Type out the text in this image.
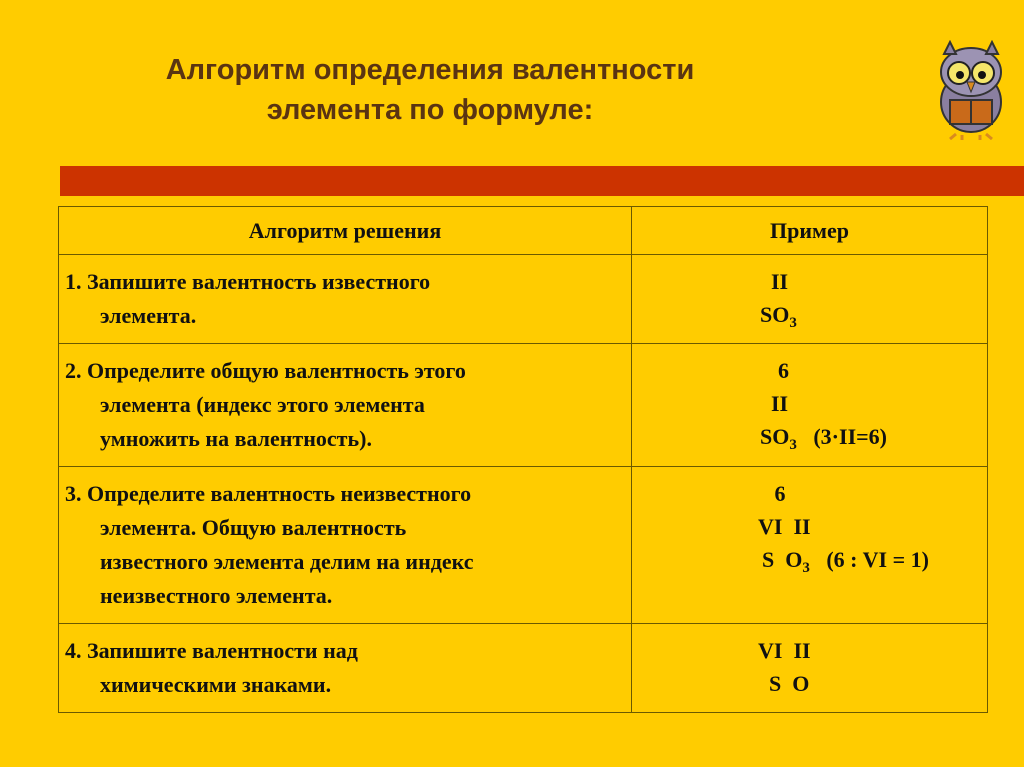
Алгоритм определения валентности
элемента по формуле:
Алгоритм решения	Пример
1. Запишите валентность известного
элемента.	II
$SO_3$

2. Определите общую валентность этого
элемента (индекс этого элемента
умножить на валентность).	6
II
$SO_3$   (3·II=6)

3. Определите валентность неизвестного
элемента. Общую валентность
известного элемента делим на индекс
неизвестного элемента.	6
VI  II
S  $O_3$   (6 : VI = 1)

4. Запишите валентности над
химическими знаками.	VI  II
S  O
